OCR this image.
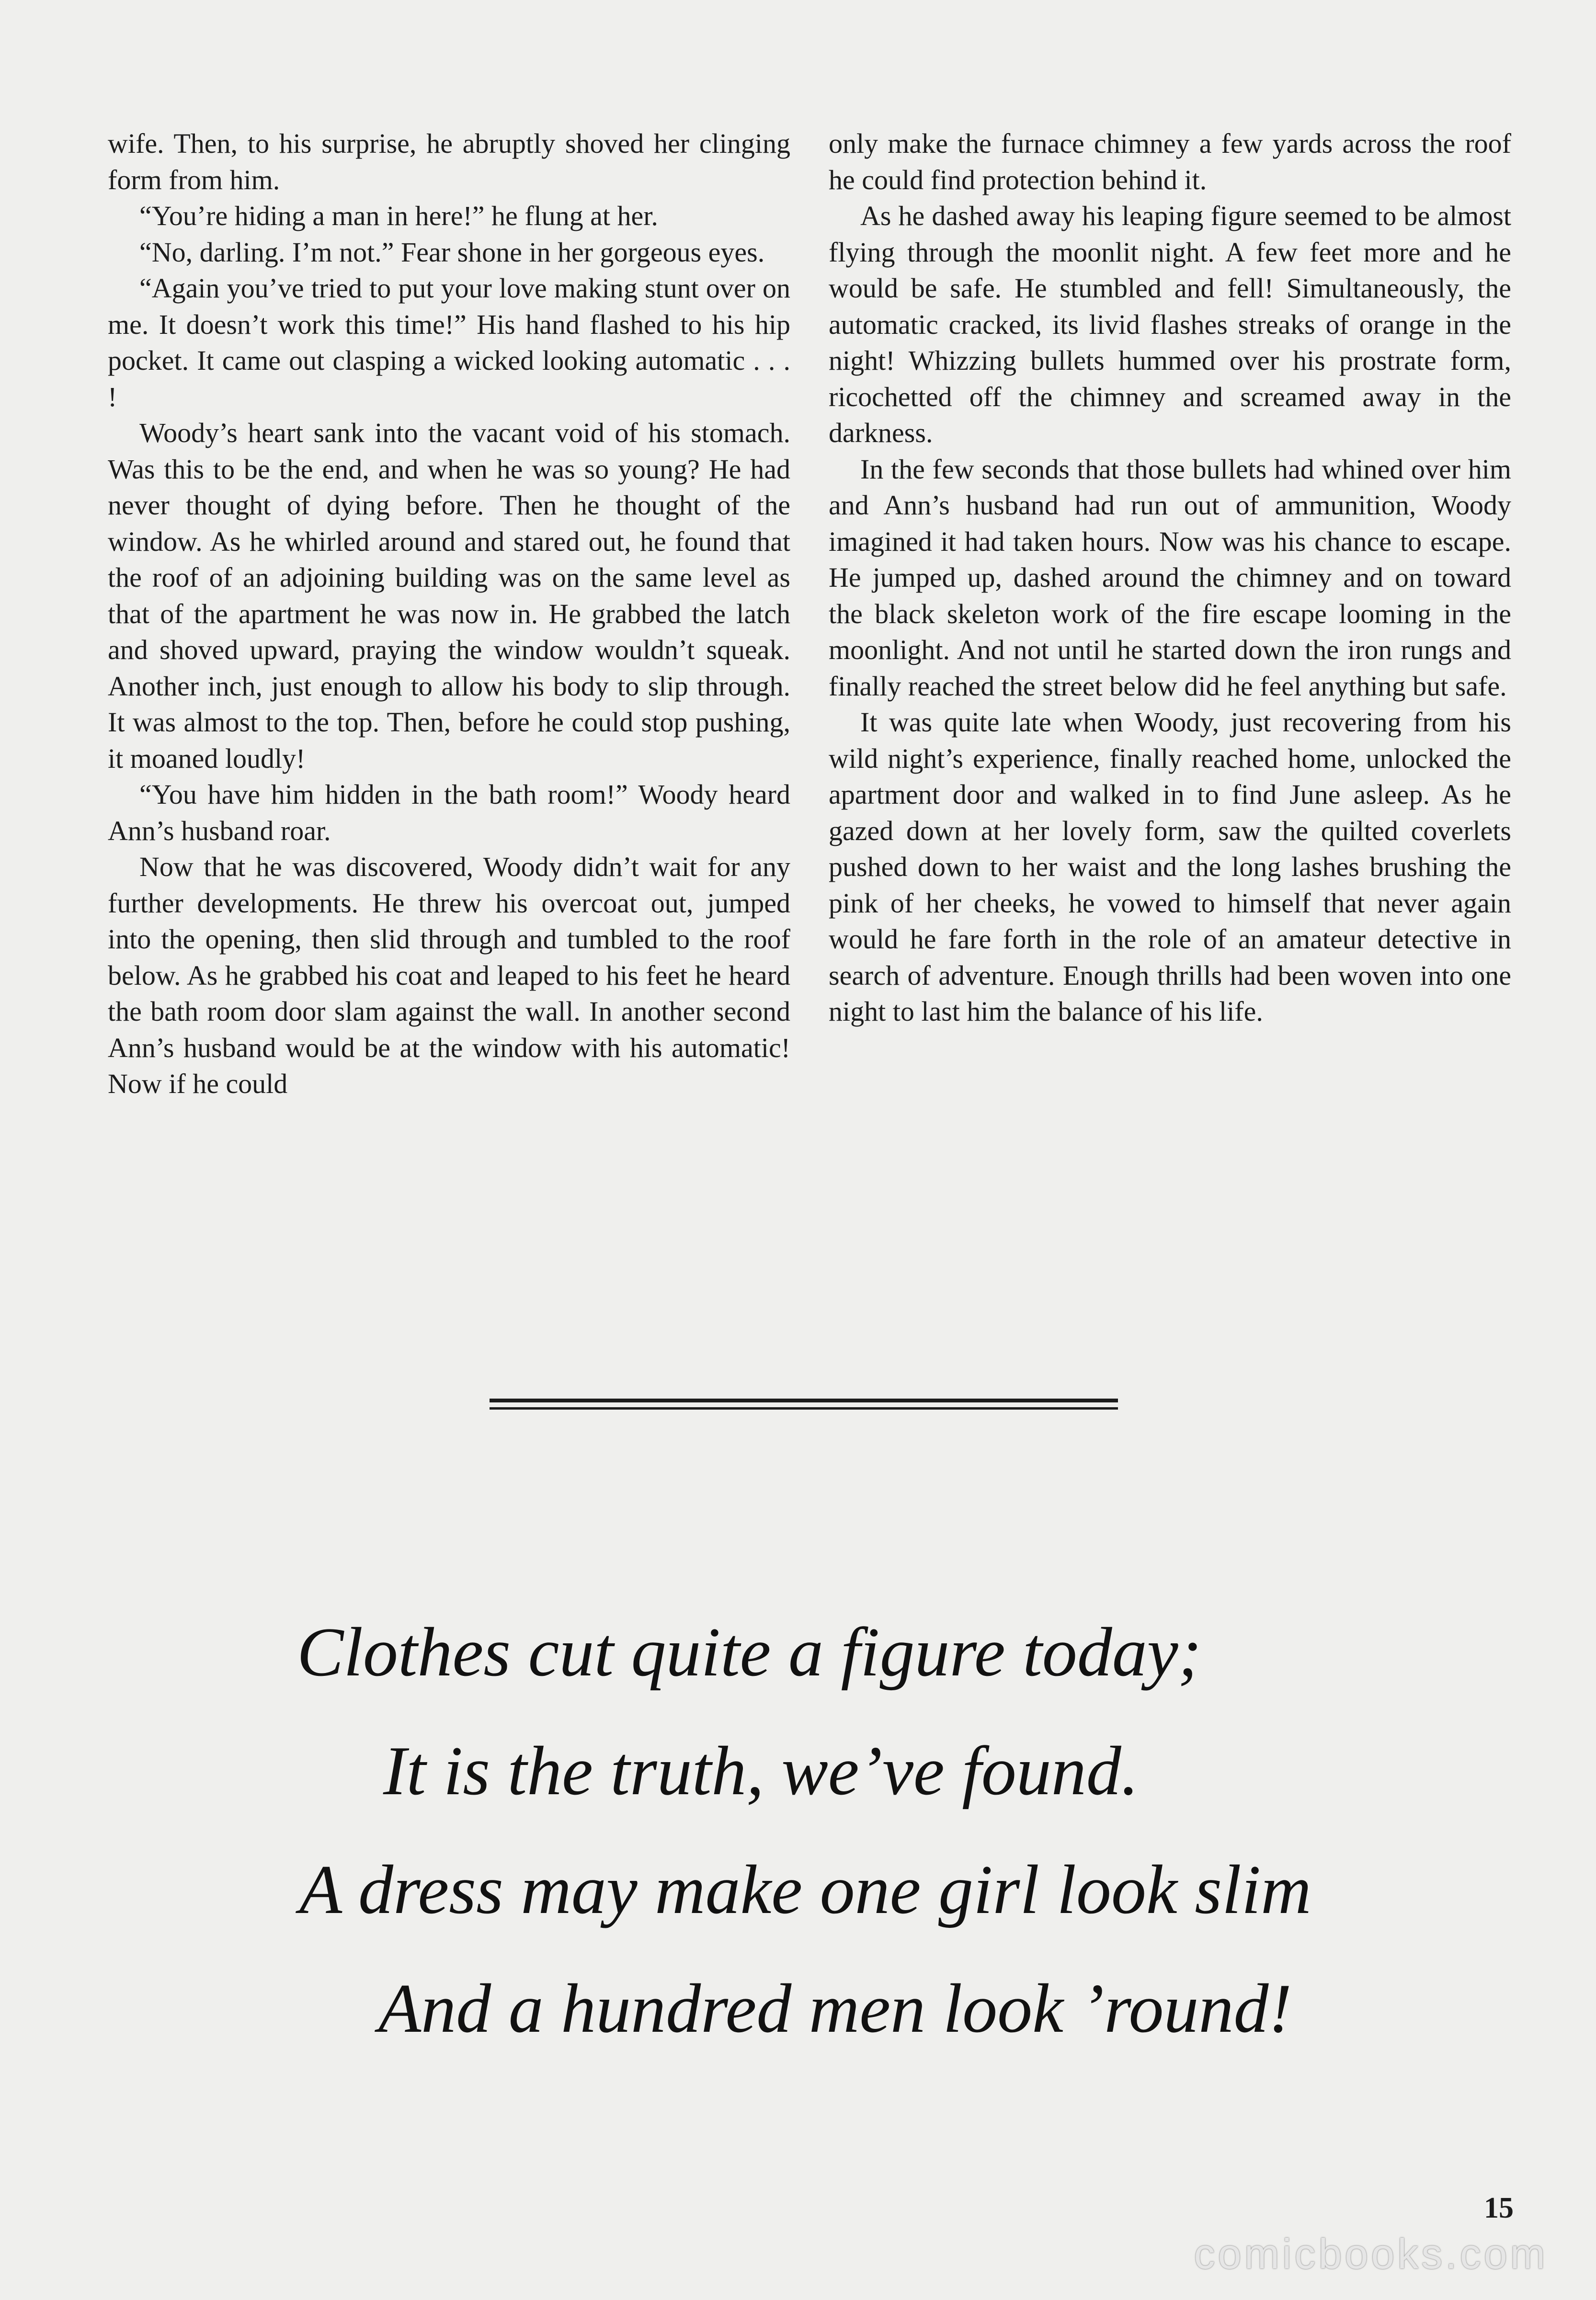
wife. Then, to his surprise, he abruptly shoved her clinging form from him.

“You’re hiding a man in here!” he flung at her.

“No, darling. I’m not.” Fear shone in her gorgeous eyes.

“Again you’ve tried to put your love making stunt over on me. It doesn’t work this time!” His hand flashed to his hip pocket. It came out clasping a wicked looking automatic . . . !

Woody’s heart sank into the vacant void of his stomach. Was this to be the end, and when he was so young? He had never thought of dying before. Then he thought of the window. As he whirled around and stared out, he found that the roof of an adjoining building was on the same level as that of the apartment he was now in. He grabbed the latch and shoved upward, praying the window wouldn’t squeak. Another inch, just enough to allow his body to slip through. It was almost to the top. Then, before he could stop pushing, it moaned loudly!

“You have him hidden in the bath room!” Woody heard Ann’s husband roar.

Now that he was discovered, Woody didn’t wait for any further developments. He threw his overcoat out, jumped into the opening, then slid through and tumbled to the roof below. As he grabbed his coat and leaped to his feet he heard the bath room door slam against the wall. In another second Ann’s husband would be at the window with his automatic! Now if he could

only make the furnace chimney a few yards across the roof he could find protection behind it.

As he dashed away his leaping figure seemed to be almost flying through the moonlit night. A few feet more and he would be safe. He stumbled and fell! Simultaneously, the automatic cracked, its livid flashes streaks of orange in the night! Whizzing bullets hummed over his prostrate form, ricochetted off the chimney and screamed away in the darkness.

In the few seconds that those bullets had whined over him and Ann’s husband had run out of ammunition, Woody imagined it had taken hours. Now was his chance to escape. He jumped up, dashed around the chimney and on toward the black skeleton work of the fire escape looming in the moonlight. And not until he started down the iron rungs and finally reached the street below did he feel anything but safe.

It was quite late when Woody, just recovering from his wild night’s experience, finally reached home, unlocked the apartment door and walked in to find June asleep. As he gazed down at her lovely form, saw the quilted coverlets pushed down to her waist and the long lashes brushing the pink of her cheeks, he vowed to himself that never again would he fare forth in the role of an amateur detective in search of adventure. Enough thrills had been woven into one night to last him the balance of his life.

Clothes cut quite a figure today;
It is the truth, we’ve found.
A dress may make one girl look slim
And a hundred men look ’round!
15
comicbooks.com
